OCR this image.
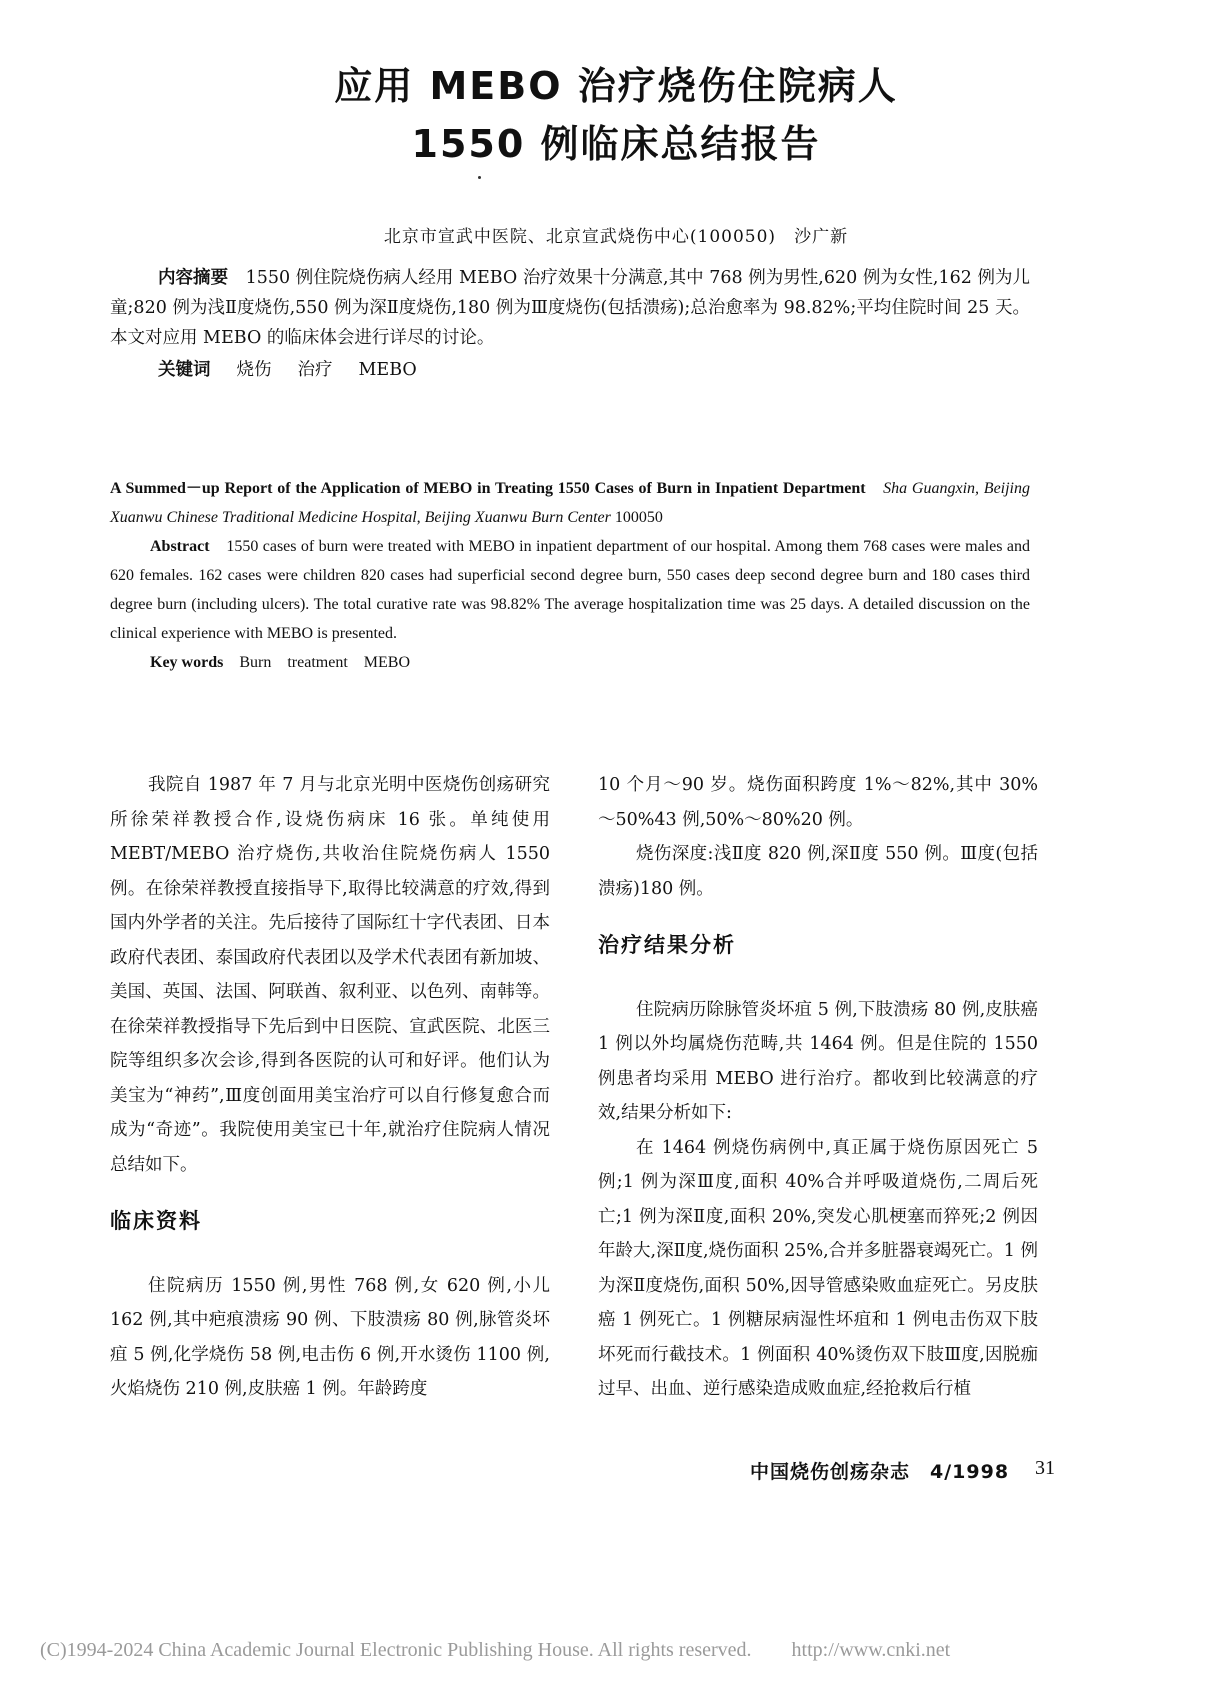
应用 MEBO 治疗烧伤住院病人
1550 例临床总结报告
北京市宣武中医院、北京宣武烧伤中心(100050)　沙广新

内容摘要　 1550 例住院烧伤病人经用 MEBO 治疗效果十分满意,其中 768 例为男性,620 例为女性,162 例为儿童;820 例为浅Ⅱ度烧伤,550 例为深Ⅱ度烧伤,180 例为Ⅲ度烧伤(包括溃疡);总治愈率为 98.82%;平均住院时间 25 天。本文对应用 MEBO 的临床体会进行详尽的讨论。

关键词 烧伤 治疗 MEBO

A Summed－up Report of the Application of MEBO in Treating 1550 Cases of Burn in Inpatient Department　 Sha Guangxin, Beijing Xuanwu Chinese Traditional Medicine Hospital, Beijing Xuanwu Burn Center 100050

Abstract　 1550 cases of burn were treated with MEBO in inpatient department of our hospital. Among them 768 cases were males and 620 females. 162 cases were children 820 cases had superficial second degree burn, 550 cases deep second degree burn and 180 cases third degree burn (including ulcers). The total curative rate was 98.82% The average hospitalization time was 25 days. A detailed discussion on the clinical experience with MEBO is presented.

Key words　 Burn　 treatment　 MEBO

我院自 1987 年 7 月与北京光明中医烧伤创疡研究所徐荣祥教授合作,设烧伤病床 16 张。单纯使用 MEBT/MEBO 治疗烧伤,共收治住院烧伤病人 1550 例。在徐荣祥教授直接指导下,取得比较满意的疗效,得到国内外学者的关注。先后接待了国际红十字代表团、日本政府代表团、泰国政府代表团以及学术代表团有新加坡、美国、英国、法国、阿联酋、叙利亚、以色列、南韩等。在徐荣祥教授指导下先后到中日医院、宣武医院、北医三院等组织多次会诊,得到各医院的认可和好评。他们认为美宝为“神药”,Ⅲ度创面用美宝治疗可以自行修复愈合而成为“奇迹”。我院使用美宝已十年,就治疗住院病人情况总结如下。

临床资料

住院病历 1550 例,男性 768 例,女 620 例,小儿 162 例,其中疤痕溃疡 90 例、下肢溃疡 80 例,脉管炎坏疽 5 例,化学烧伤 58 例,电击伤 6 例,开水烫伤 1100 例,火焰烧伤 210 例,皮肤癌 1 例。年龄跨度

10 个月～90 岁。烧伤面积跨度 1%～82%,其中 30%～50%43 例,50%～80%20 例。

烧伤深度:浅Ⅱ度 820 例,深Ⅱ度 550 例。Ⅲ度(包括溃疡)180 例。

治疗结果分析

住院病历除脉管炎坏疽 5 例,下肢溃疡 80 例,皮肤癌 1 例以外均属烧伤范畴,共 1464 例。但是住院的 1550 例患者均采用 MEBO 进行治疗。都收到比较满意的疗效,结果分析如下:

在 1464 例烧伤病例中,真正属于烧伤原因死亡 5 例;1 例为深Ⅲ度,面积 40%合并呼吸道烧伤,二周后死亡;1 例为深Ⅱ度,面积 20%,突发心肌梗塞而猝死;2 例因年龄大,深Ⅱ度,烧伤面积 25%,合并多脏器衰竭死亡。1 例为深Ⅱ度烧伤,面积 50%,因导管感染败血症死亡。另皮肤癌 1 例死亡。1 例糖尿病湿性坏疽和 1 例电击伤双下肢坏死而行截技术。1 例面积 40%烫伤双下肢Ⅲ度,因脱痂过早、出血、逆行感染造成败血症,经抢救后行植

中国烧伤创疡杂志　4/1998 31
(C)1994-2024 China Academic Journal Electronic Publishing House. All rights reserved.　　http://www.cnki.net
